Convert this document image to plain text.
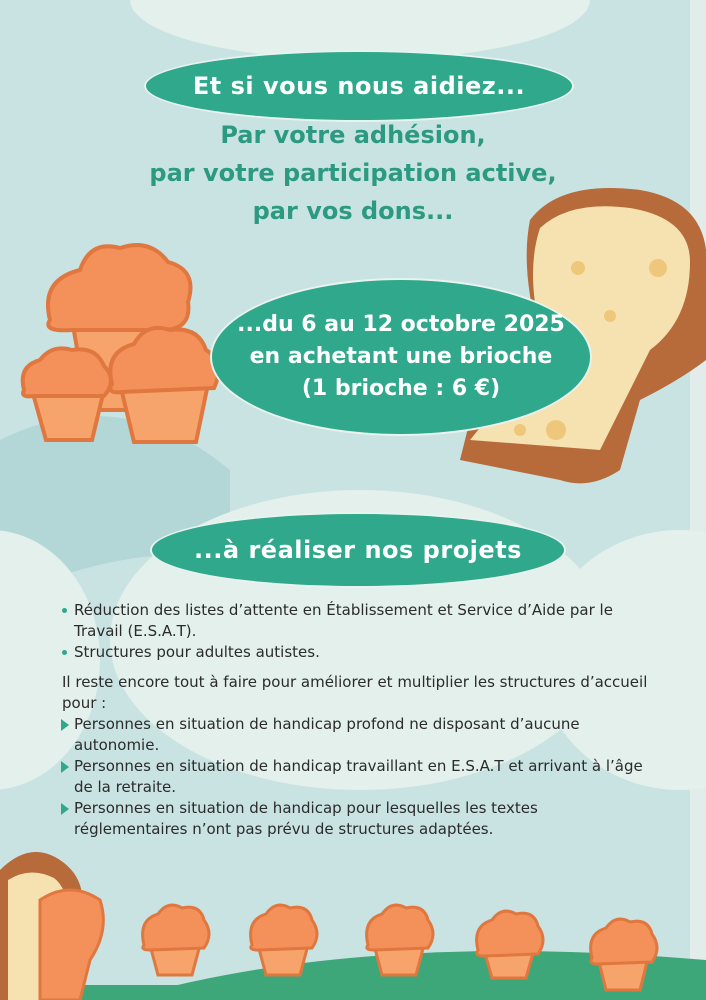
Et si vous nous aidiez...
Par votre adhésion,
par votre participation active,
par vos dons...
...du 6 au 12 octobre 2025
en achetant une brioche
(1 brioche : 6 €)
...à réaliser nos projets
Réduction des listes d’attente en Établissement et Service d’Aide par le Travail (E.S.A.T).
Structures pour adultes autistes.

Il reste encore tout à faire pour améliorer et multiplier les structures d’accueil pour :

Personnes en situation de handicap profond ne disposant d’aucune autonomie.
Personnes en situation de handicap travaillant en E.S.A.T et arrivant à l’âge de la retraite.
Personnes en situation de handicap pour lesquelles les textes réglementaires n’ont pas prévu de structures adaptées.
